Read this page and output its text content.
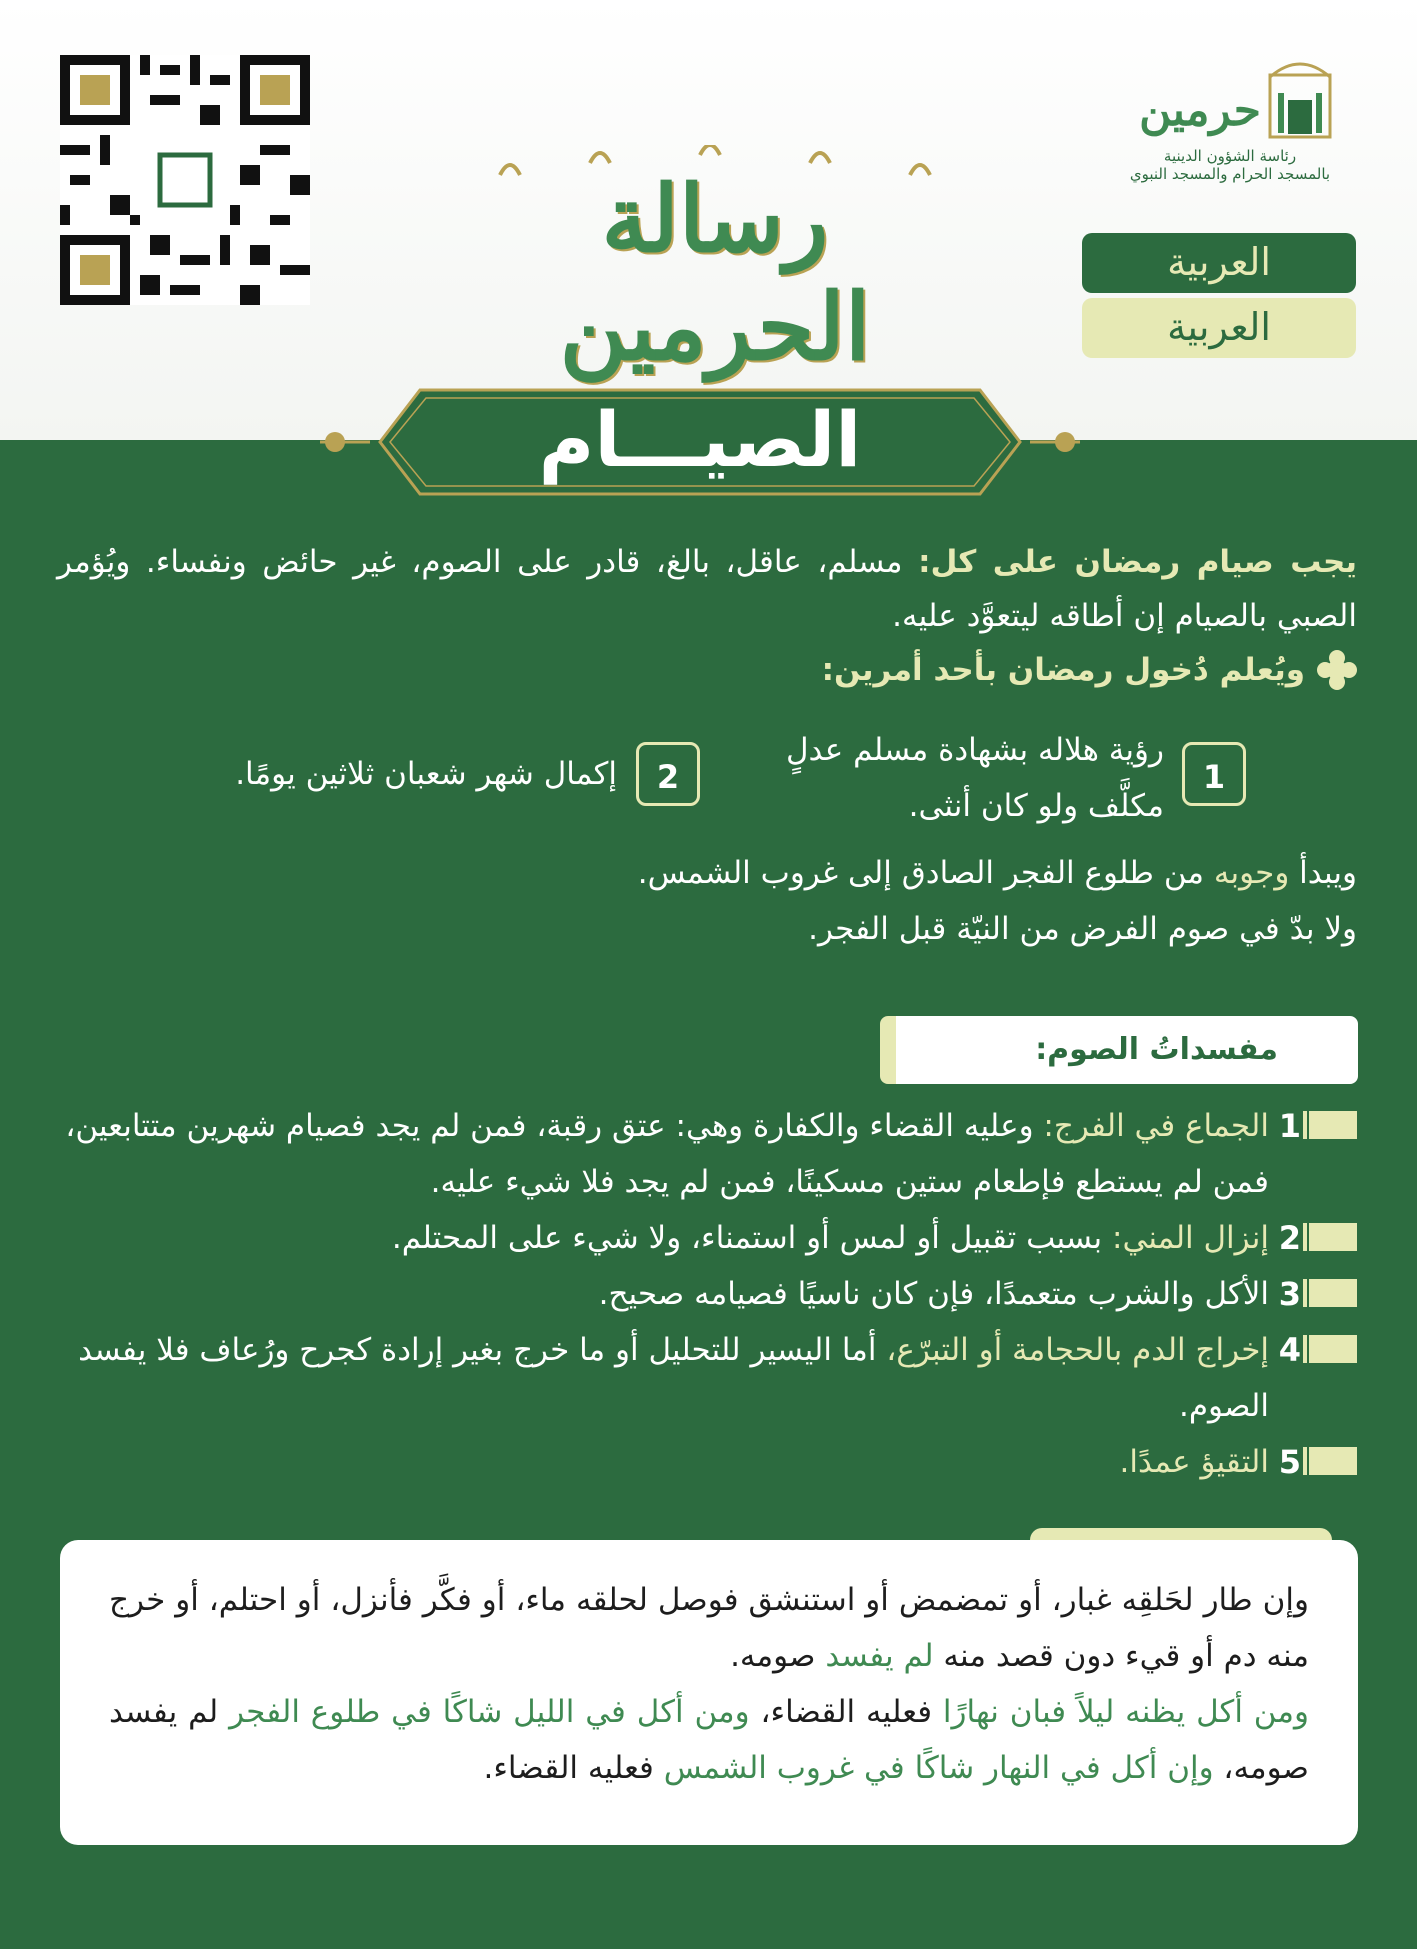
حرمين
رئاسة الشؤون الدينية
بالمسجد الحرام والمسجد النبوي
العربية
العربية
رسالة الحرمين
الصيـــام
يجب صيام رمضان على كل: مسلم، عاقل، بالغ، قادر على الصوم، غير حائض ونفساء. ويُؤمر الصبي بالصيام إن أطاقه ليتعوَّد عليه.
ويُعلم دُخول رمضان بأحد أمرين:
1
رؤية هلاله بشهادة مسلم عدلٍ مكلَّف ولو كان أنثى.
2
إكمال شهر شعبان ثلاثين يومًا.
ويبدأ وجوبه من طلوع الفجر الصادق إلى غروب الشمس.
ولا بدّ في صوم الفرض من النيّة قبل الفجر.
مفسداتُ الصوم:
1
الجماع في الفرج: وعليه القضاء والكفارة وهي: عتق رقبة، فمن لم يجد فصيام شهرين متتابعين، فمن لم يستطع فإطعام ستين مسكينًا، فمن لم يجد فلا شيء عليه.
2
إنزال المني: بسبب تقبيل أو لمس أو استمناء، ولا شيء على المحتلم.
3
الأكل والشرب متعمدًا، فإن كان ناسيًا فصيامه صحيح.
4
إخراج الدم بالحجامة أو التبرّع، أما اليسير للتحليل أو ما خرج بغير إرادة كجرح ورُعاف فلا يفسد الصوم.
5
التقيؤ عمدًا.

وإن طار لحَلقِه غبار، أو تمضمض أو استنشق فوصل لحلقه ماء، أو فكَّر فأنزل، أو احتلم، أو خرج منه دم أو قيء دون قصد منه لم يفسد صومه.

ومن أكل يظنه ليلاً فبان نهارًا فعليه القضاء، ومن أكل في الليل شاكًا في طلوع الفجر لم يفسد صومه، وإن أكل في النهار شاكًا في غروب الشمس فعليه القضاء.
